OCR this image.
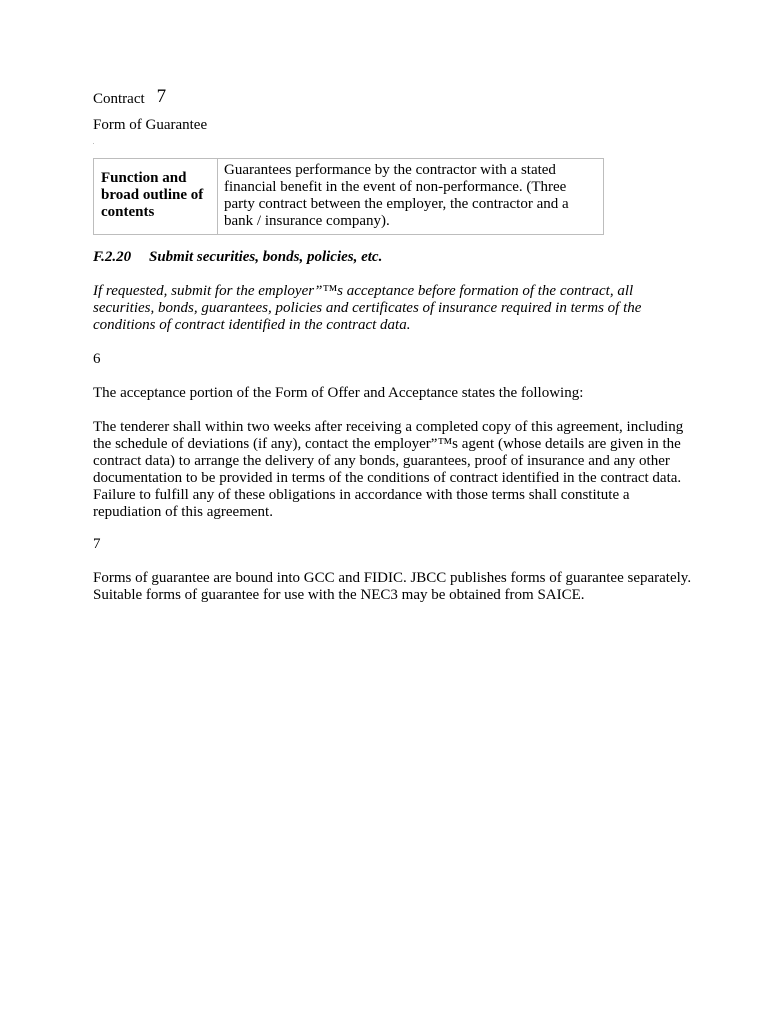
Contract 7
Form of Guarantee
Function and broad outline of contents
Guarantees performance by the contractor with a stated financial benefit in the event of non-performance. (Three party contract between the employer, the contractor and a bank / insurance company).
F.2.20 Submit securities, bonds, policies, etc.
If requested, submit for the employer”™s acceptance before formation of the contract, all securities, bonds, guarantees, policies and certificates of insurance required in terms of the conditions of contract identified in the contract data.
6
The acceptance portion of the Form of Offer and Acceptance states the following:
The tenderer shall within two weeks after receiving a completed copy of this agreement, including the schedule of deviations (if any), contact the employer”™s agent (whose details are given in the contract data) to arrange the delivery of any bonds, guarantees, proof of insurance and any other documentation to be provided in terms of the conditions of contract identified in the contract data. Failure to fulfill any of these obligations in accordance with those terms shall constitute a repudiation of this agreement.
7
Forms of guarantee are bound into GCC and FIDIC. JBCC publishes forms of guarantee separately. Suitable forms of guarantee for use with the NEC3 may be obtained from SAICE.
